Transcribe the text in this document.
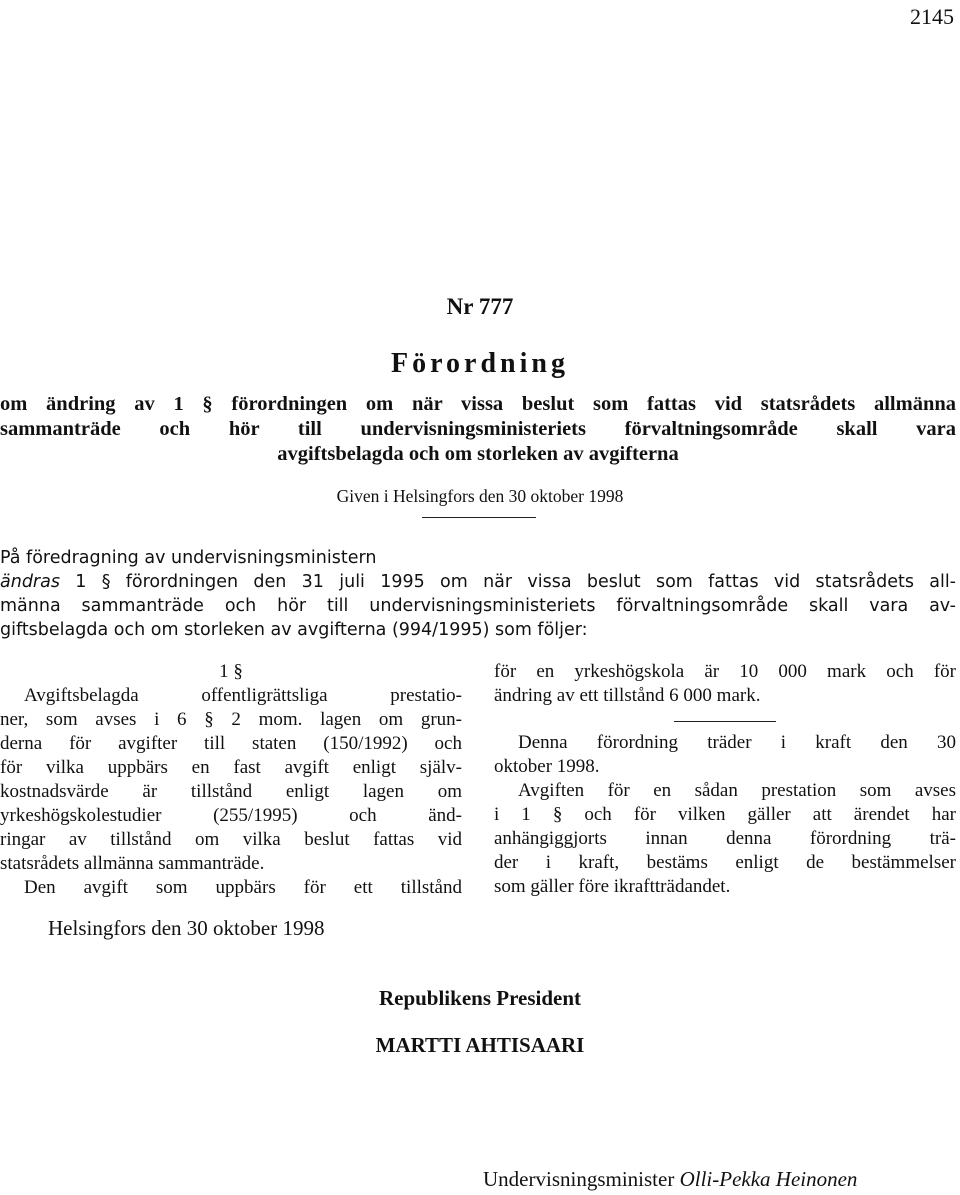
2145
Nr 777
Förordning
om ändring av 1 § förordningen om när vissa beslut som fattas vid statsrådets allmänna
sammanträde och hör till undervisningsministeriets förvaltningsområde skall vara
avgiftsbelagda och om storleken av avgifterna
Given i Helsingfors den 30 oktober 1998
På föredragning av undervisningsministern
ändras 1 § förordningen den 31 juli 1995 om när vissa beslut som fattas vid statsrådets all-
männa sammanträde och hör till undervisningsministeriets förvaltningsområde skall vara av-
giftsbelagda och om storleken av avgifterna (994/1995) som följer:
1 §
Avgiftsbelagda offentligrättsliga prestatio-
ner, som avses i 6 § 2 mom. lagen om grun-
derna för avgifter till staten (150/1992) och
för vilka uppbärs en fast avgift enligt själv-
kostnadsvärde är tillstånd enligt lagen om
yrkeshögskolestudier (255/1995) och änd-
ringar av tillstånd om vilka beslut fattas vid
statsrådets allmänna sammanträde.
Den avgift som uppbärs för ett tillstånd
för en yrkeshögskola är 10 000 mark och för
ändring av ett tillstånd 6 000 mark.
Denna förordning träder i kraft den 30
oktober 1998.
Avgiften för en sådan prestation som avses
i 1 § och för vilken gäller att ärendet har
anhängiggjorts innan denna förordning trä-
der i kraft, bestäms enligt de bestämmelser
som gäller före ikraftträdandet.
Helsingfors den 30 oktober 1998
Republikens President
MARTTI AHTISAARI
Undervisningsminister Olli-Pekka Heinonen
